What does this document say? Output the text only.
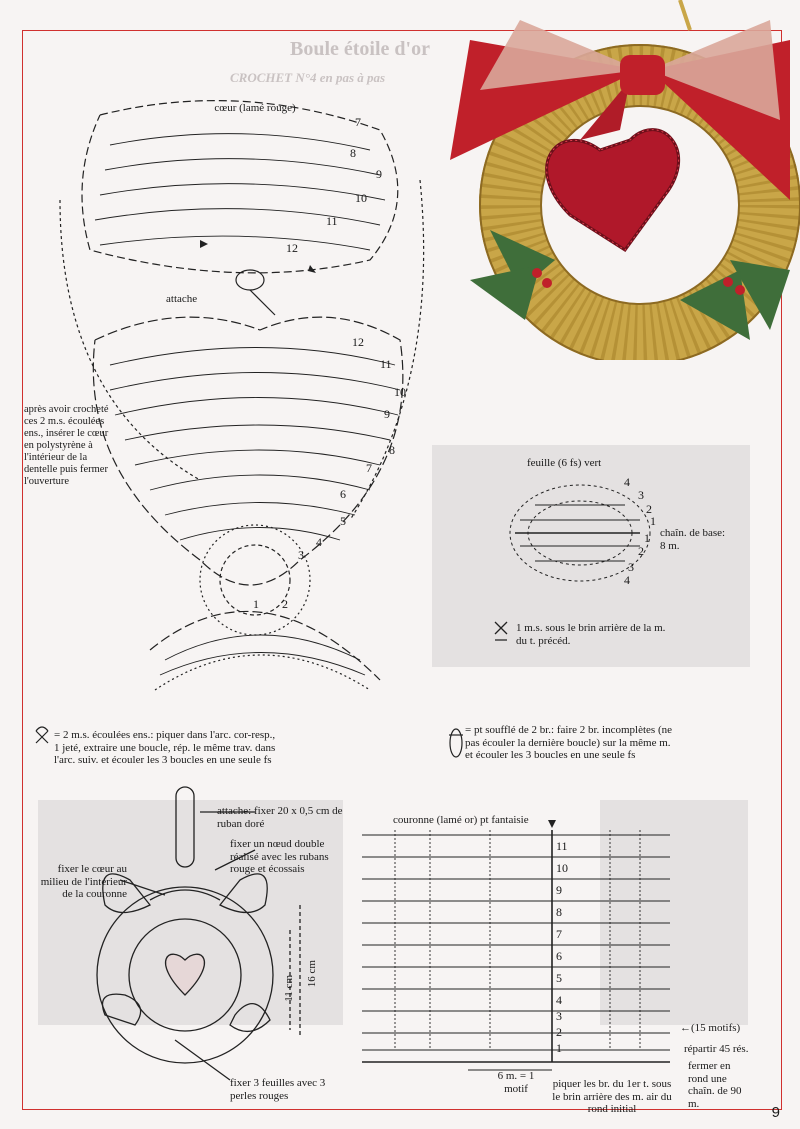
Boule étoile d'or
CROCHET N°4 en pas à pas
cœur (lamé rouge)
7
8
9
10
11
12
attache
12
11
10
9
8
7
6
5
4
3
2
1
après avoir crocheté ces 2 m.s. écoulées ens., insérer le cœur en polystyrène à l'intérieur de la dentelle puis fermer l'ouverture
feuille (6 fs) vert
4
3
2
1
1
2
3
4
chaîn. de base: 8 m.
1 m.s. sous le brin arrière de la m. du t. précéd.
= 2 m.s. écoulées ens.: piquer dans l'arc. cor-resp., 1 jeté, extraire une boucle, rép. le même trav. dans l'arc. suiv. et écouler les 3 boucles en une seule fs
= pt soufflé de 2 br.: faire 2 br. incomplètes (ne pas écouler la dernière boucle) sur la même m. et écouler les 3 boucles en une seule fs
attache: fixer 20 x 0,5 cm de ruban doré
fixer un nœud double réalisé avec les rubans rouge et écossais
fixer le cœur au milieu de l'intérieur de la couronne
16 cm
11 cm
fixer 3 feuilles avec 3 perles rouges
couronne (lamé or) pt fantaisie
11
10
9
8
7
6
5
4
3
2
1
←(15 motifs)
répartir 45 rés.
fermer en rond une chaîn. de 90 m.
6 m. = 1 motif	piquer les br. du 1er t. sous le brin arrière des m. air du rond initial	9
